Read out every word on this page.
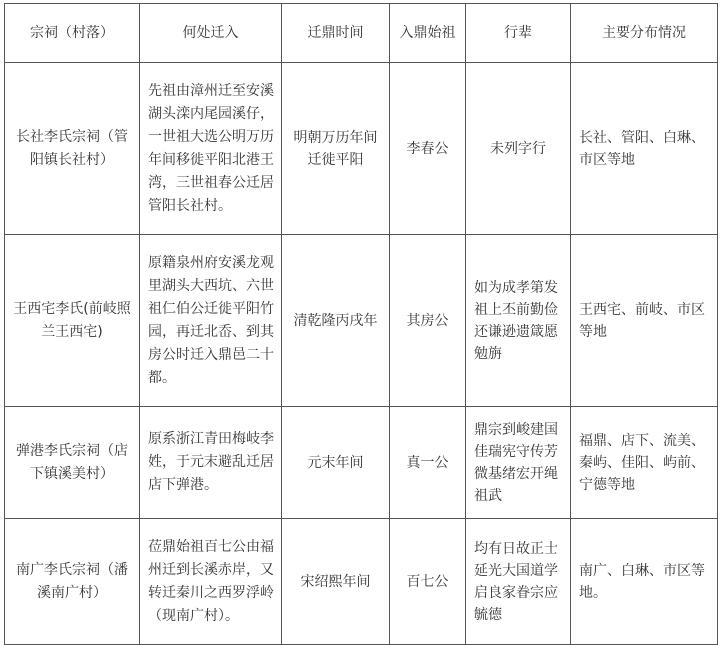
宗祠（村落）	何处迁入	迁鼎时间	入鼎始祖	行辈	主要分布情况
长社李氏宗祠（管阳镇长社村）	先祖由漳州迁至安溪湖头滦内尾园溪仔，一世祖大选公明万历年间移徙平阳北港王湾，三世祖春公迁居管阳长社村。	明朝万历年间迁徙平阳	李春公	未列字行	长社、管阳、白琳、市区等地
王西宅李氏(前岐照兰王西宅)	原籍泉州府安溪龙观里湖头大西坑、六世祖仁伯公迁徙平阳竹园，再迁北岙、到其房公时迁入鼎邑二十都。	清乾隆丙戌年	其房公	如为成孝第发祖上丕前勤俭还谦逊遗箴愿勉旃	王西宅、前岐、市区等地
弹港李氏宗祠（店下镇溪美村）	原系浙江青田梅岐李姓，于元末避乱迁居店下弹港。	元末年间	真一公	鼎宗到峻建国佳瑞宪守传芳微基绪宏开绳祖武	福鼎、店下、流美、秦屿、佳阳、屿前、宁德等地
南广李氏宗祠（潘溪南广村）	莅鼎始祖百七公由福州迁到长溪赤岸，又转迁秦川之西罗浮岭（现南广村）。	宋绍熙年间	百七公	均有日故正士延光大国道学启良家眷宗应毓德	南广、白琳、市区等地。
